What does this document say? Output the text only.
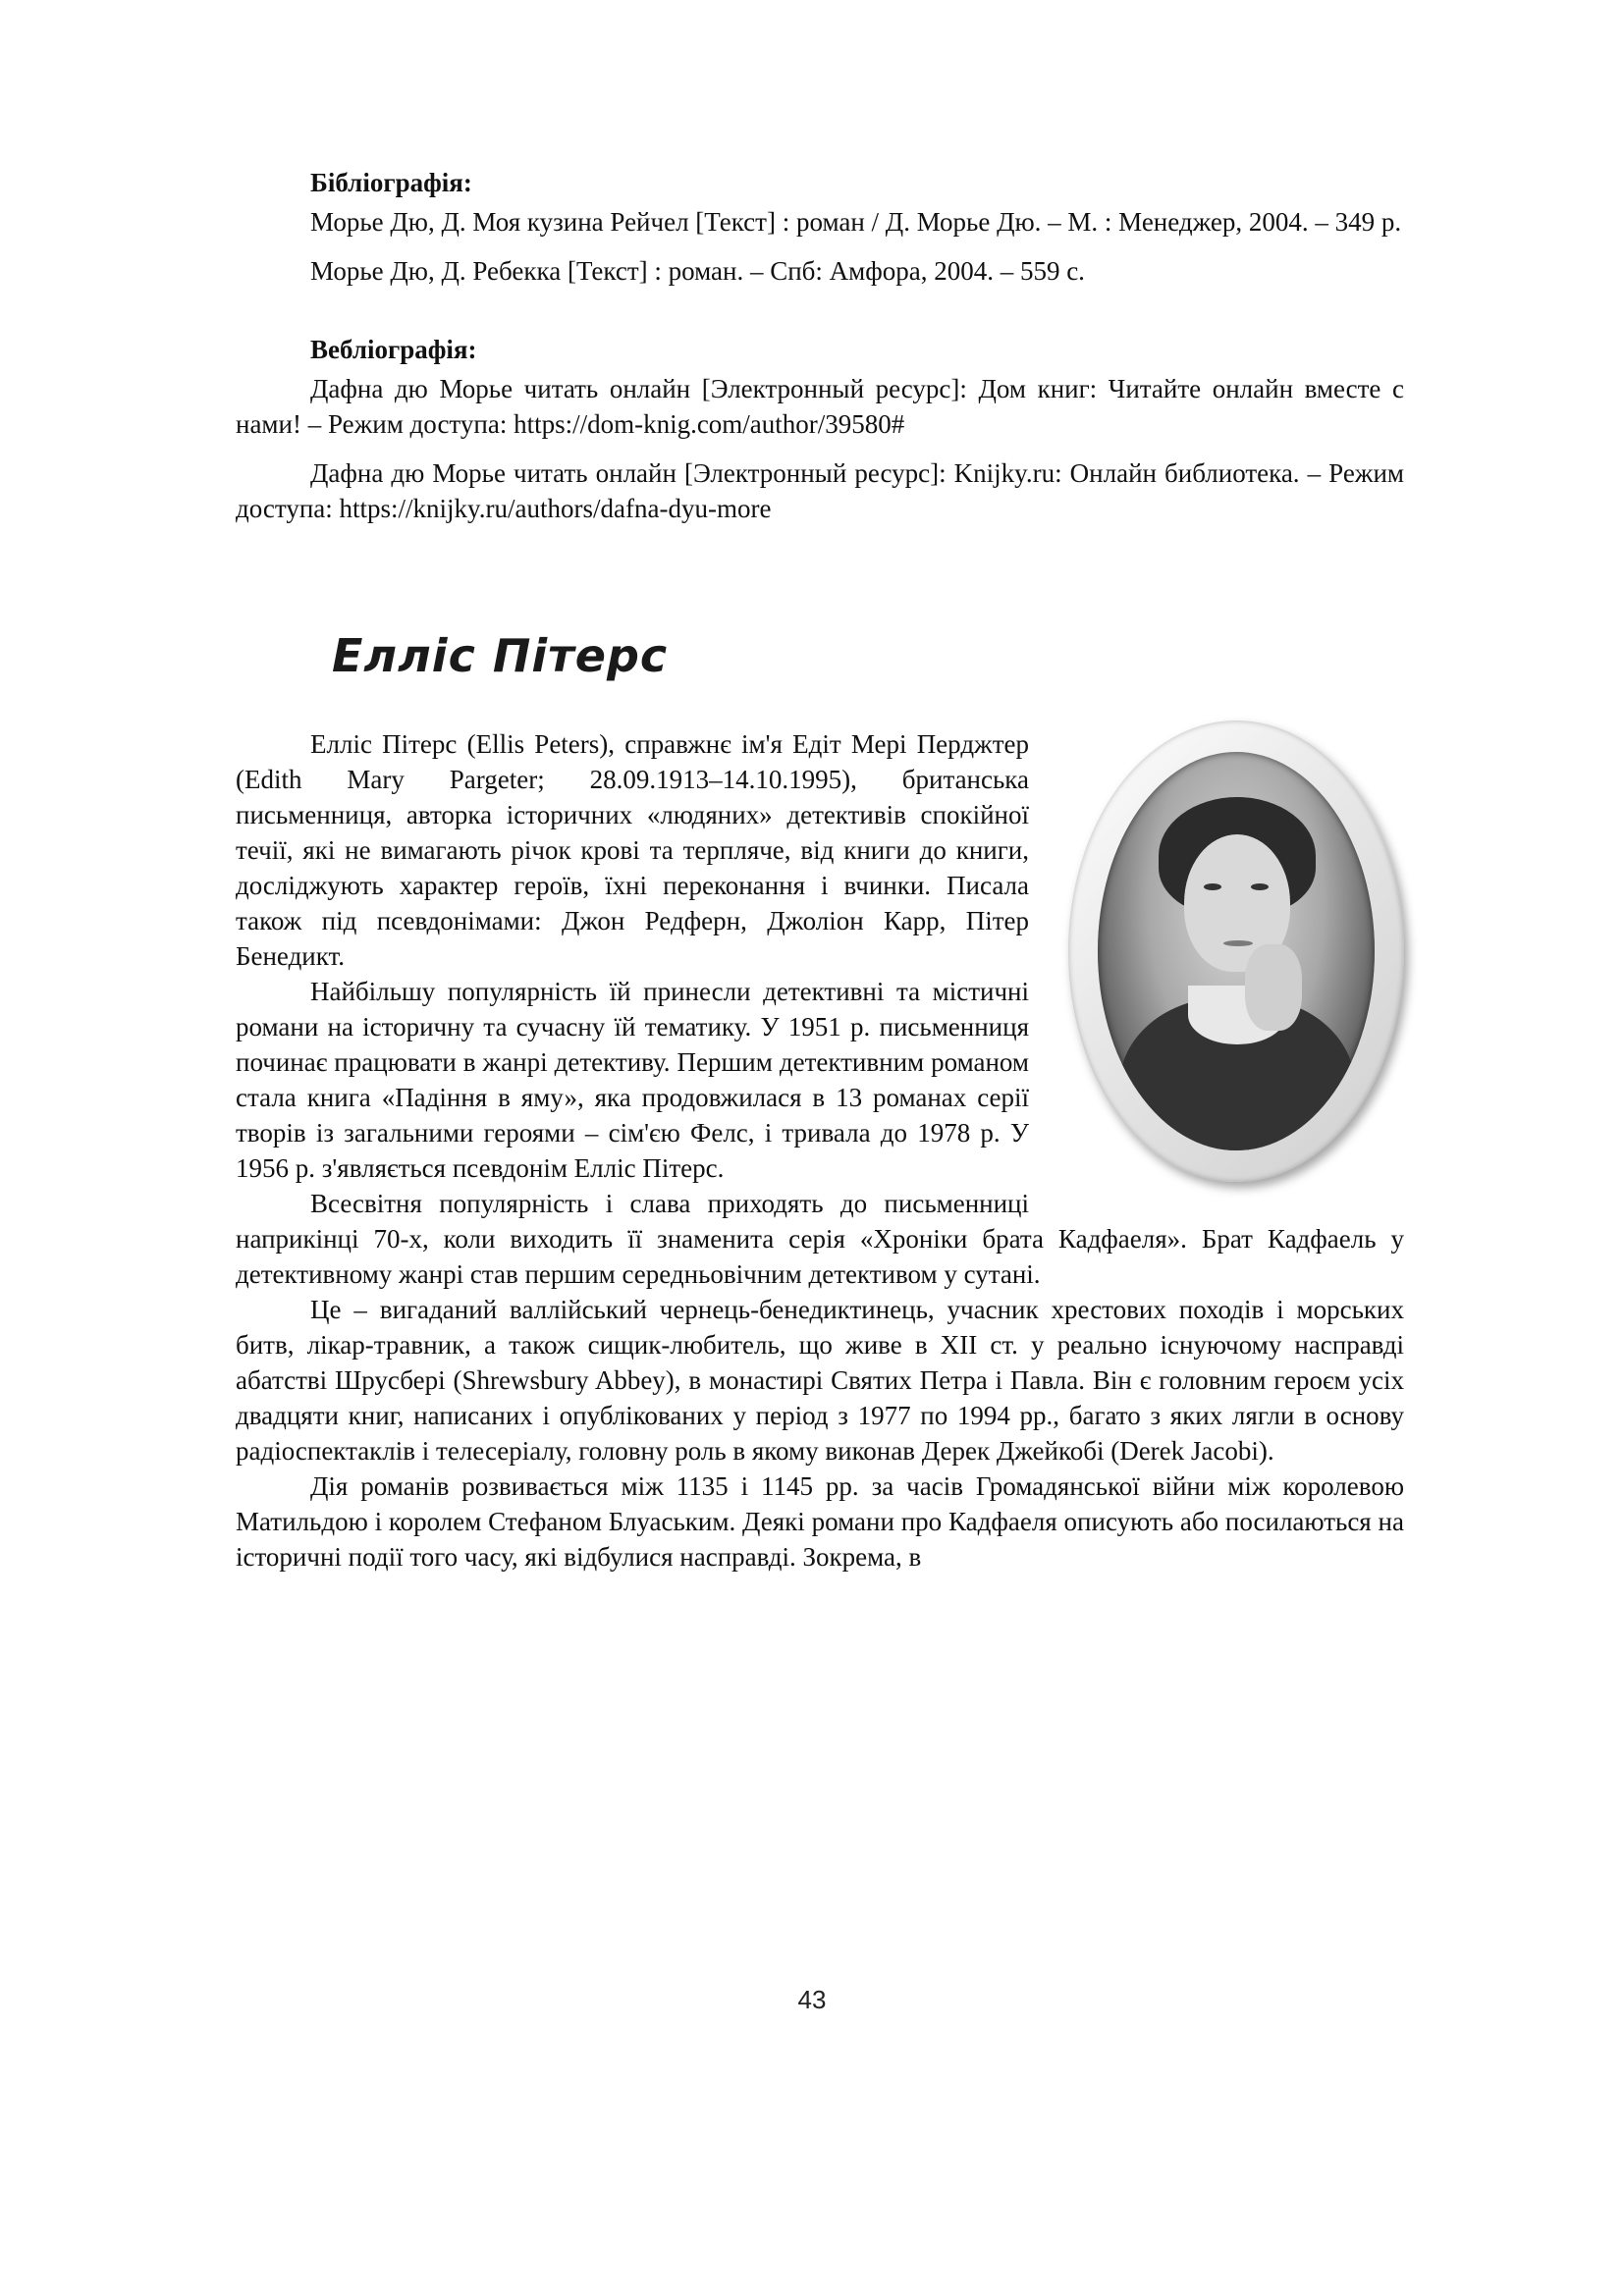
Бібліографія:

Морье Дю, Д. Моя кузина Рейчел [Текст] : роман / Д. Морье Дю. – М. : Менеджер, 2004. – 349 р.

Морье Дю, Д. Ребекка [Текст] : роман. – Спб: Амфора, 2004. – 559 с.

Вебліографія:

Дафна дю Морье читать онлайн [Электронный ресурс]: Дом книг: Читайте онлайн вместе с нами! – Режим доступа: https://dom-knig.com/author/39580#

Дафна дю Морье читать онлайн [Электронный ресурс]: Knijky.ru: Онлайн библиотека. – Режим доступа: https://knijky.ru/authors/dafna-dyu-more

Елліс Пітерс

Елліс Пітерс (Ellis Peters), справжнє ім'я Едіт Мері Перджтер (Edith Mary Pargeter; 28.09.1913–14.10.1995), британська письменниця, авторка історичних «людяних» детективів спокійної течії, які не вимагають річок крові та терпляче, від книги до книги, досліджують характер героїв, їхні переконання і вчинки. Писала також під псевдонімами: Джон Редферн, Джоліон Карр, Пітер Бенедикт.

Найбільшу популярність їй принесли детективні та містичні романи на історичну та сучасну їй тематику. У 1951 р. письменниця починає працювати в жанрі детективу. Першим детективним романом стала книга «Падіння в яму», яка продовжилася в 13 романах серії творів із загальними героями – сім'єю Фелс, і тривала до 1978 р. У 1956 р. з'являється псевдонім Елліс Пітерс.

Всесвітня популярність і слава приходять до письменниці наприкінці 70-х, коли виходить її знаменита серія «Хроніки брата Кадфаеля». Брат Кадфаель у детективному жанрі став першим середньовічним детективом у сутані.

Це – вигаданий валлійський чернець-бенедиктинець, учасник хрестових походів і морських битв, лікар-травник, а також сищик-любитель, що живе в XII ст. у реально існуючому насправді абатстві Шрусбері (Shrewsbury Abbey), в монастирі Святих Петра і Павла. Він є головним героєм усіх двадцяти книг, написаних і опублікованих у період з 1977 по 1994 рр., багато з яких лягли в основу радіоспектаклів і телесеріалу, головну роль в якому виконав Дерек Джейкобі (Derek Jacobi).

Дія романів розвивається між 1135 і 1145 рр. за часів Громадянської війни між королевою Матильдою і королем Стефаном Блуаським. Деякі романи про Кадфаеля описують або посилаються на історичні події того часу, які відбулися насправді. Зокрема, в

43
